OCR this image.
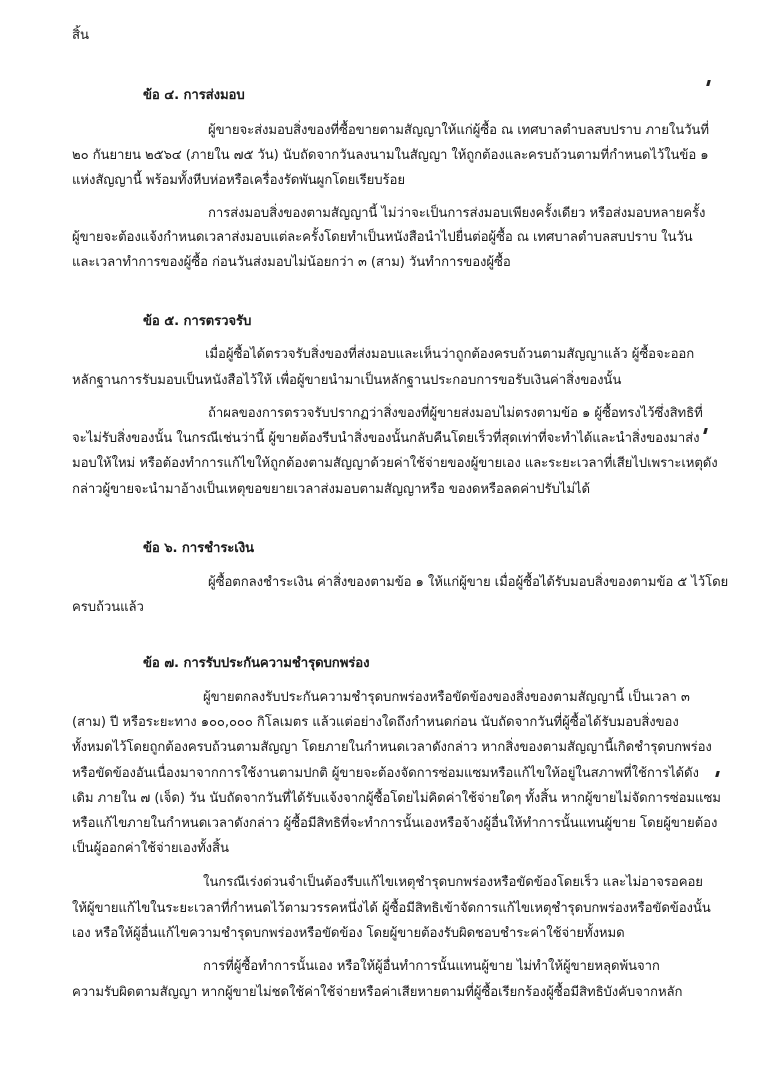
สิ้น
ข้อ ๔. การส่งมอบ
ผู้ขายจะส่งมอบสิ่งของที่ซื้อขายตามสัญญาให้แก่ผู้ซื้อ ณ เทศบาลตำบลสบปราบ ภายในวันที่
๒๐ กันยายน ๒๕๖๔ (ภายใน ๗๕ วัน) นับถัดจากวันลงนามในสัญญา ให้ถูกต้องและครบถ้วนตามที่กำหนดไว้ในข้อ ๑
แห่งสัญญานี้ พร้อมทั้งหีบห่อหรือเครื่องรัดพันผูกโดยเรียบร้อย
การส่งมอบสิ่งของตามสัญญานี้ ไม่ว่าจะเป็นการส่งมอบเพียงครั้งเดียว หรือส่งมอบหลายครั้ง
ผู้ขายจะต้องแจ้งกำหนดเวลาส่งมอบแต่ละครั้งโดยทำเป็นหนังสือนำไปยื่นต่อผู้ซื้อ ณ เทศบาลตำบลสบปราบ ในวัน
และเวลาทำการของผู้ซื้อ ก่อนวันส่งมอบไม่น้อยกว่า ๓ (สาม) วันทำการของผู้ซื้อ
ข้อ ๕. การตรวจรับ
เมื่อผู้ซื้อได้ตรวจรับสิ่งของที่ส่งมอบและเห็นว่าถูกต้องครบถ้วนตามสัญญาแล้ว ผู้ซื้อจะออก
หลักฐานการรับมอบเป็นหนังสือไว้ให้ เพื่อผู้ขายนำมาเป็นหลักฐานประกอบการขอรับเงินค่าสิ่งของนั้น
ถ้าผลของการตรวจรับปรากฏว่าสิ่งของที่ผู้ขายส่งมอบไม่ตรงตามข้อ ๑ ผู้ซื้อทรงไว้ซึ่งสิทธิที่
จะไม่รับสิ่งของนั้น ในกรณีเช่นว่านี้ ผู้ขายต้องรีบนำสิ่งของนั้นกลับคืนโดยเร็วที่สุดเท่าที่จะทำได้และนำสิ่งของมาส่ง
มอบให้ใหม่ หรือต้องทำการแก้ไขให้ถูกต้องตามสัญญาด้วยค่าใช้จ่ายของผู้ขายเอง และระยะเวลาที่เสียไปเพราะเหตุดัง
กล่าวผู้ขายจะนำมาอ้างเป็นเหตุขอขยายเวลาส่งมอบตามสัญญาหรือ ของดหรือลดค่าปรับไม่ได้
ข้อ ๖. การชำระเงิน
ผู้ซื้อตกลงชำระเงิน ค่าสิ่งของตามข้อ ๑ ให้แก่ผู้ขาย เมื่อผู้ซื้อได้รับมอบสิ่งของตามข้อ ๕ ไว้โดย
ครบถ้วนแล้ว
ข้อ ๗. การรับประกันความชำรุดบกพร่อง
ผู้ขายตกลงรับประกันความชำรุดบกพร่องหรือขัดข้องของสิ่งของตามสัญญานี้ เป็นเวลา ๓
(สาม) ปี หรือระยะทาง ๑๐๐,๐๐๐ กิโลเมตร แล้วแต่อย่างใดถึงกำหนดก่อน นับถัดจากวันที่ผู้ซื้อได้รับมอบสิ่งของ
ทั้งหมดไว้โดยถูกต้องครบถ้วนตามสัญญา โดยภายในกำหนดเวลาดังกล่าว หากสิ่งของตามสัญญานี้เกิดชำรุดบกพร่อง
หรือขัดข้องอันเนื่องมาจากการใช้งานตามปกติ ผู้ขายจะต้องจัดการซ่อมแซมหรือแก้ไขให้อยู่ในสภาพที่ใช้การได้ดัง
เดิม ภายใน ๗ (เจ็ด) วัน นับถัดจากวันที่ได้รับแจ้งจากผู้ซื้อโดยไม่คิดค่าใช้จ่ายใดๆ ทั้งสิ้น หากผู้ขายไม่จัดการซ่อมแซม
หรือแก้ไขภายในกำหนดเวลาดังกล่าว ผู้ซื้อมีสิทธิที่จะทำการนั้นเองหรือจ้างผู้อื่นให้ทำการนั้นแทนผู้ขาย โดยผู้ขายต้อง
เป็นผู้ออกค่าใช้จ่ายเองทั้งสิ้น
ในกรณีเร่งด่วนจำเป็นต้องรีบแก้ไขเหตุชำรุดบกพร่องหรือขัดข้องโดยเร็ว และไม่อาจรอคอย
ให้ผู้ขายแก้ไขในระยะเวลาที่กำหนดไว้ตามวรรคหนึ่งได้ ผู้ซื้อมีสิทธิเข้าจัดการแก้ไขเหตุชำรุดบกพร่องหรือขัดข้องนั้น
เอง หรือให้ผู้อื่นแก้ไขความชำรุดบกพร่องหรือขัดข้อง โดยผู้ขายต้องรับผิดชอบชำระค่าใช้จ่ายทั้งหมด
การที่ผู้ซื้อทำการนั้นเอง หรือให้ผู้อื่นทำการนั้นแทนผู้ขาย ไม่ทำให้ผู้ขายหลุดพ้นจาก
ความรับผิดตามสัญญา หากผู้ขายไม่ชดใช้ค่าใช้จ่ายหรือค่าเสียหายตามที่ผู้ซื้อเรียกร้องผู้ซื้อมีสิทธิบังคับจากหลัก
